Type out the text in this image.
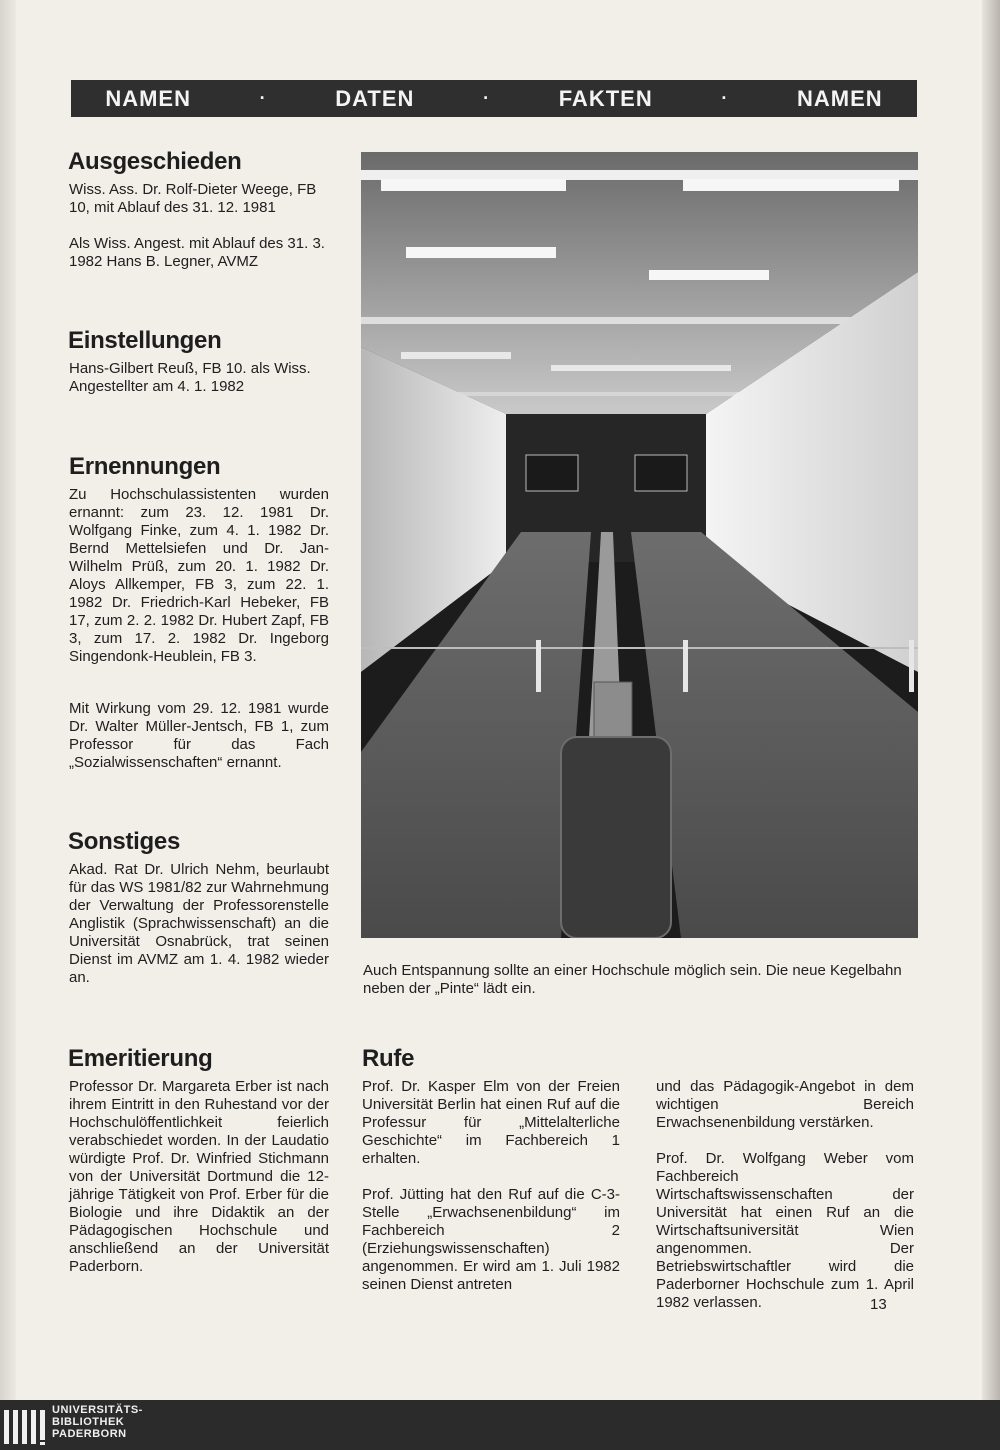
NAMEN	·	DATEN	·	FAKTEN	·	NAMEN
Ausgeschieden

Wiss. Ass. Dr. Rolf-Dieter Weege, FB 10, mit Ablauf des 31. 12. 1981

Als Wiss. Angest. mit Ablauf des 31. 3. 1982 Hans B. Legner, AVMZ

Einstellungen

Hans-Gilbert Reuß, FB 10. als Wiss. Angestellter am 4. 1. 1982

Ernennungen

Zu Hochschulassistenten wurden ernannt: zum 23. 12. 1981 Dr. Wolfgang Finke, zum 4. 1. 1982 Dr. Bernd Mettelsiefen und Dr. Jan-Wilhelm Prüß, zum 20. 1. 1982 Dr. Aloys Allkemper, FB 3, zum 22. 1. 1982 Dr. Friedrich-Karl Hebeker, FB 17, zum 2. 2. 1982 Dr. Hubert Zapf, FB 3, zum 17. 2. 1982 Dr. Ingeborg Singendonk-Heublein, FB 3.

Mit Wirkung vom 29. 12. 1981 wurde Dr. Walter Müller-Jentsch, FB 1, zum Professor für das Fach „Sozialwissenschaften“ ernannt.

Sonstiges

Akad. Rat Dr. Ulrich Nehm, beurlaubt für das WS 1981/82 zur Wahrnehmung der Verwaltung der Professorenstelle Anglistik (Sprachwissenschaft) an die Universität Osnabrück, trat seinen Dienst im AVMZ am 1. 4. 1982 wieder an.	Auch Entspannung sollte an einer Hochschule möglich sein. Die neue Kegelbahn neben der „Pinte“ lädt ein.

Emeritierung

Professor Dr. Margareta Erber ist nach ihrem Eintritt in den Ruhestand vor der Hochschulöffentlichkeit feierlich verabschiedet worden. In der Laudatio würdigte Prof. Dr. Winfried Stichmann von der Universität Dortmund die 12-jährige Tätigkeit von Prof. Erber für die Biologie und ihre Didaktik an der Pädagogischen Hochschule und anschließend an der Universität Paderborn.

Rufe

Prof. Dr. Kasper Elm von der Freien Universität Berlin hat einen Ruf auf die Professur für „Mittelalterliche Geschichte“ im Fachbereich 1 erhalten.

Prof. Jütting hat den Ruf auf die C-3-Stelle „Erwachsenenbildung“ im Fachbereich 2 (Erziehungswissenschaften) angenommen. Er wird am 1. Juli 1982 seinen Dienst antreten

und das Pädagogik-Angebot in dem wichtigen Bereich Erwachsenenbildung verstärken.

Prof. Dr. Wolfgang Weber vom Fachbereich Wirtschaftswissenschaften der Universität hat einen Ruf an die Wirtschaftsuniversität Wien angenommen. Der Betriebswirtschaftler wird die Paderborner Hochschule zum 1. April 1982 verlassen.	13
UNIVERSITÄTS-
BIBLIOTHEK
PADERBORN
